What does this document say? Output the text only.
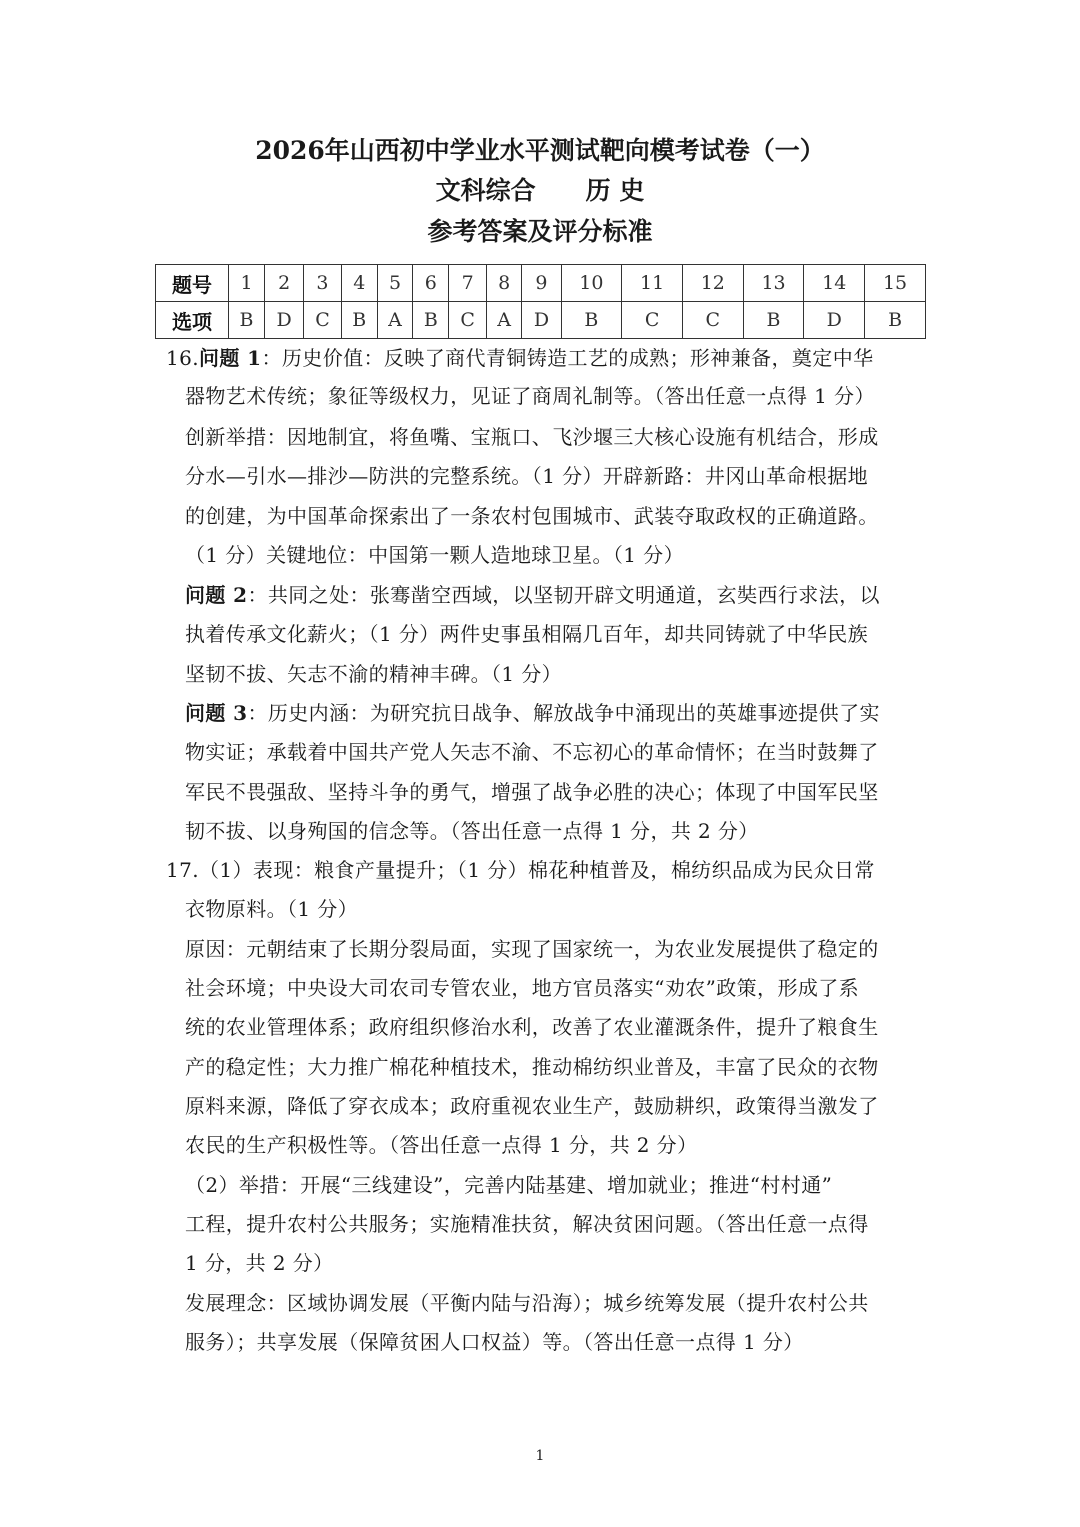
2026年山西初中学业水平测试靶向模考试卷（一）
文科综合　　历 史
参考答案及评分标准
题号	1	2	3	4	5	6	7	8	9	10	11	12	13	14	15
选项	B	D	C	B	A	B	C	A	D	B	C	C	B	D	B
16.问题 1：历史价值：反映了商代青铜铸造工艺的成熟；形神兼备，奠定中华
器物艺术传统；象征等级权力，见证了商周礼制等。（答出任意一点得 1 分）
创新举措：因地制宜，将鱼嘴、宝瓶口、飞沙堰三大核心设施有机结合，形成
分水—引水—排沙—防洪的完整系统。（1 分）开辟新路：井冈山革命根据地
的创建，为中国革命探索出了一条农村包围城市、武装夺取政权的正确道路。
（1 分）关键地位：中国第一颗人造地球卫星。（1 分）
问题 2：共同之处：张骞凿空西域，以坚韧开辟文明通道，玄奘西行求法，以
执着传承文化薪火；（1 分）两件史事虽相隔几百年，却共同铸就了中华民族
坚韧不拔、矢志不渝的精神丰碑。（1 分）
问题 3：历史内涵：为研究抗日战争、解放战争中涌现出的英雄事迹提供了实
物实证；承载着中国共产党人矢志不渝、不忘初心的革命情怀；在当时鼓舞了
军民不畏强敌、坚持斗争的勇气，增强了战争必胜的决心；体现了中国军民坚
韧不拔、以身殉国的信念等。（答出任意一点得 1 分，共 2 分）
17.（1）表现：粮食产量提升；（1 分）棉花种植普及，棉纺织品成为民众日常
衣物原料。（1 分）
原因：元朝结束了长期分裂局面，实现了国家统一，为农业发展提供了稳定的
社会环境；中央设大司农司专管农业，地方官员落实“劝农”政策，形成了系
统的农业管理体系；政府组织修治水利，改善了农业灌溉条件，提升了粮食生
产的稳定性；大力推广棉花种植技术，推动棉纺织业普及，丰富了民众的衣物
原料来源，降低了穿衣成本；政府重视农业生产，鼓励耕织，政策得当激发了
农民的生产积极性等。（答出任意一点得 1 分，共 2 分）
（2）举措：开展“三线建设”，完善内陆基建、增加就业；推进“村村通”
工程，提升农村公共服务；实施精准扶贫，解决贫困问题。（答出任意一点得
1 分，共 2 分）
发展理念：区域协调发展（平衡内陆与沿海）；城乡统筹发展（提升农村公共
服务）；共享发展（保障贫困人口权益）等。（答出任意一点得 1 分）
1
